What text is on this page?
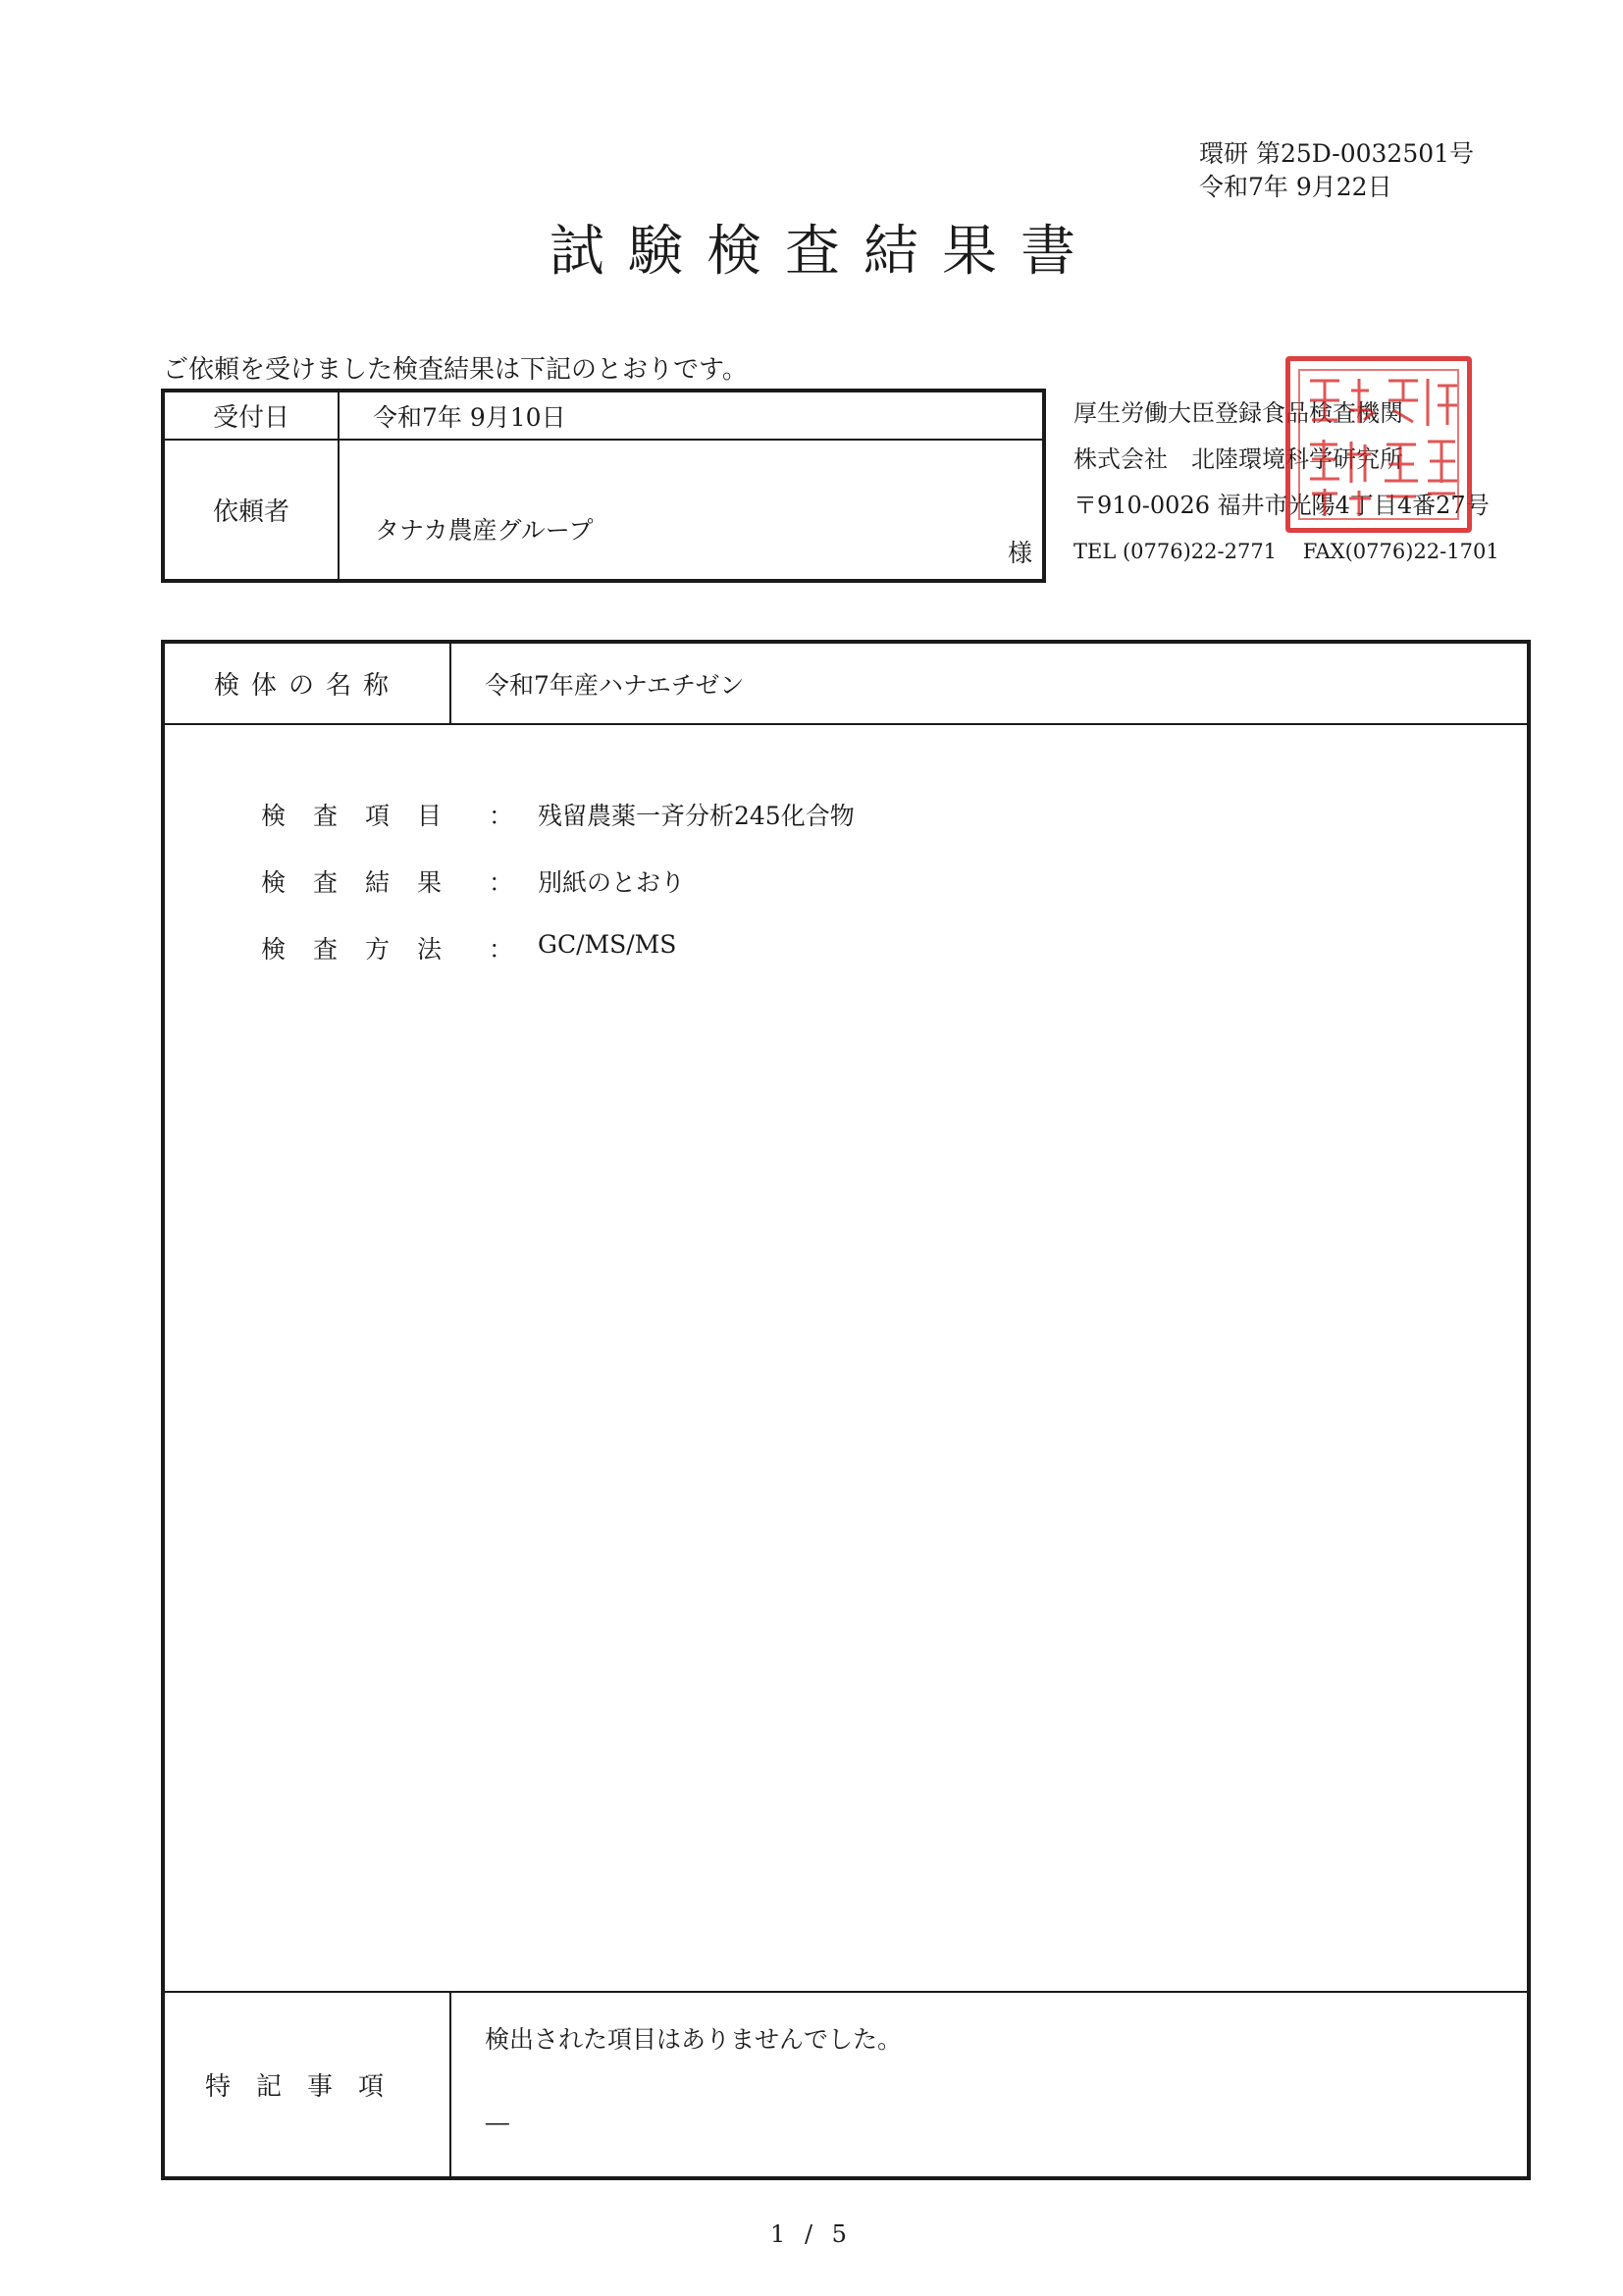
環研 第25D-0032501号
令和7年 9月22日
試験検査結果書
ご依頼を受けました検査結果は下記のとおりです。
受付日	令和7年 9月10日
依頼者	タナカ農産グループ
様
厚生労働大臣登録食品検査機関
株式会社　北陸環境科学研究所
〒910-0026 福井市光陽4丁目4番27号
TEL (0776)22-2771 FAX(0776)22-1701
検体の名称	令和7年産ハナエチゼン

特記事項	検出された項目はありませんでした。
-----
検査項目 ： 残留農薬一斉分析245化合物
検査結果 ： 別紙のとおり
検査方法 ： GC/MS/MS
1 / 5
